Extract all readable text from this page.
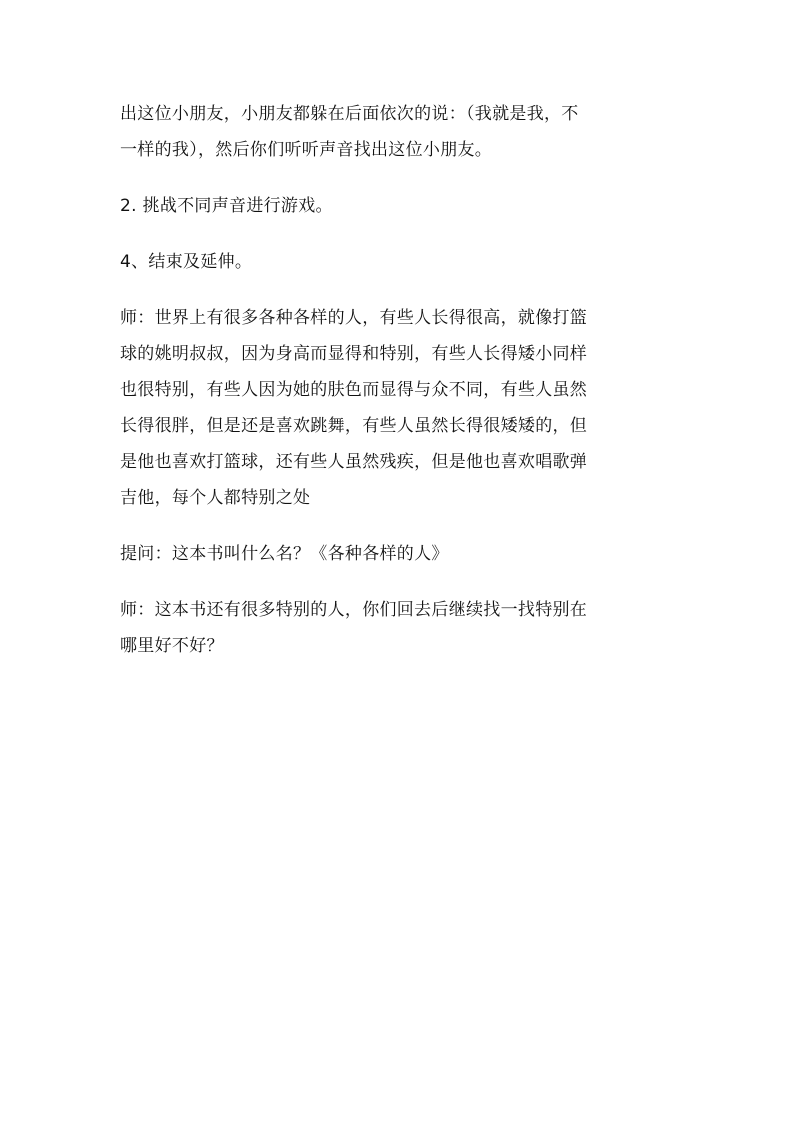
出这位小朋友，小朋友都躲在后面依次的说：（我就是我，不
一样的我），然后你们听听声音找出这位小朋友。

2. 挑战不同声音进行游戏。

4、结束及延伸。

师：世界上有很多各种各样的人，有些人长得很高，就像打篮
球的姚明叔叔，因为身高而显得和特别，有些人长得矮小同样
也很特别，有些人因为她的肤色而显得与众不同，有些人虽然
长得很胖，但是还是喜欢跳舞，有些人虽然长得很矮矮的，但
是他也喜欢打篮球，还有些人虽然残疾，但是他也喜欢唱歌弹
吉他，每个人都特别之处

提问：这本书叫什么名？《各种各样的人》

师：这本书还有很多特别的人，你们回去后继续找一找特别在
哪里好不好？
